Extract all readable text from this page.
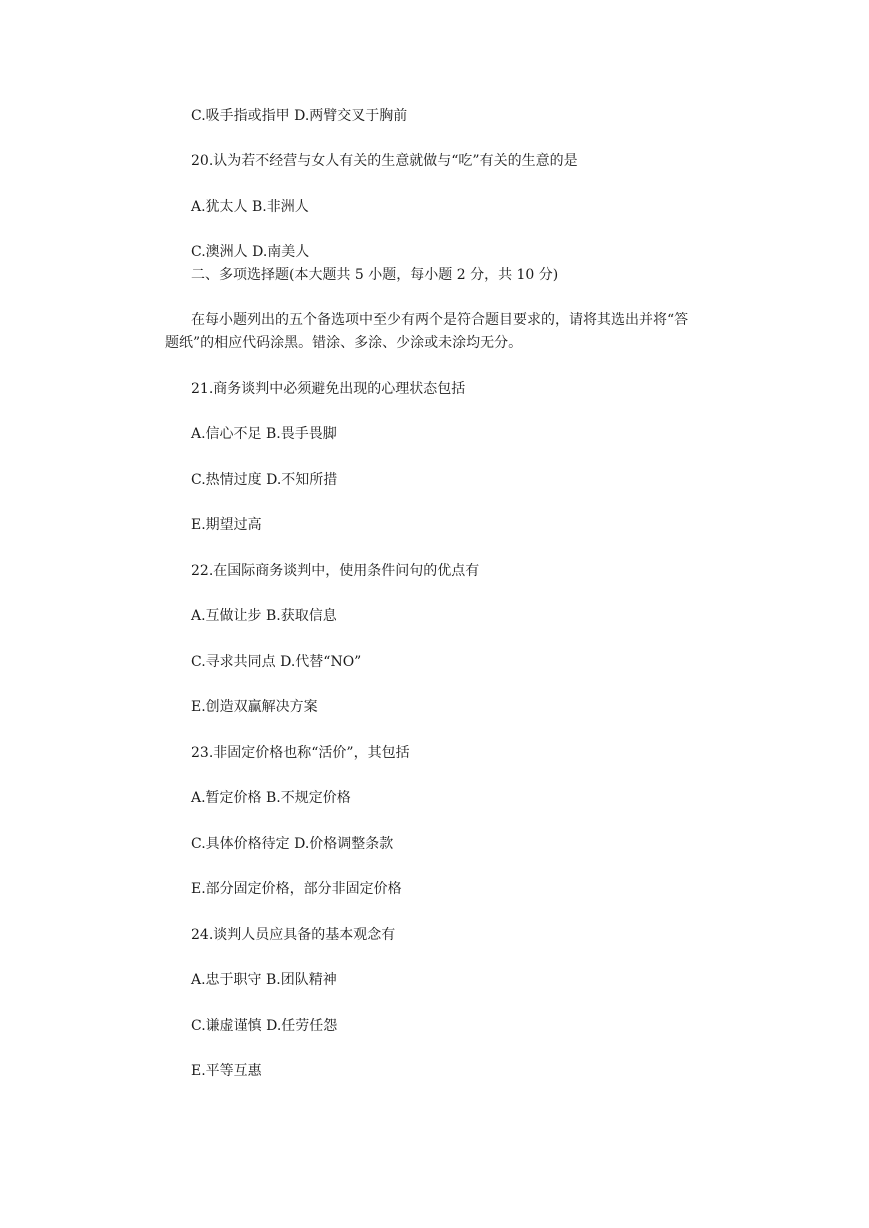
C.吸手指或指甲 D.两臂交叉于胸前
20.认为若不经营与女人有关的生意就做与“吃”有关的生意的是
A.犹太人 B.非洲人
C.澳洲人 D.南美人
二、多项选择题(本大题共 5 小题，每小题 2 分，共 10 分)
在每小题列出的五个备选项中至少有两个是符合题目要求的，请将其选出并将“答
题纸”的相应代码涂黑。错涂、多涂、少涂或未涂均无分。
21.商务谈判中必须避免出现的心理状态包括
A.信心不足 B.畏手畏脚
C.热情过度 D.不知所措
E.期望过高
22.在国际商务谈判中，使用条件问句的优点有
A.互做让步 B.获取信息
C.寻求共同点 D.代替“NO”
E.创造双赢解决方案
23.非固定价格也称“活价”，其包括
A.暂定价格 B.不规定价格
C.具体价格待定 D.价格调整条款
E.部分固定价格，部分非固定价格
24.谈判人员应具备的基本观念有
A.忠于职守 B.团队精神
C.谦虚谨慎 D.任劳任怨
E.平等互惠
